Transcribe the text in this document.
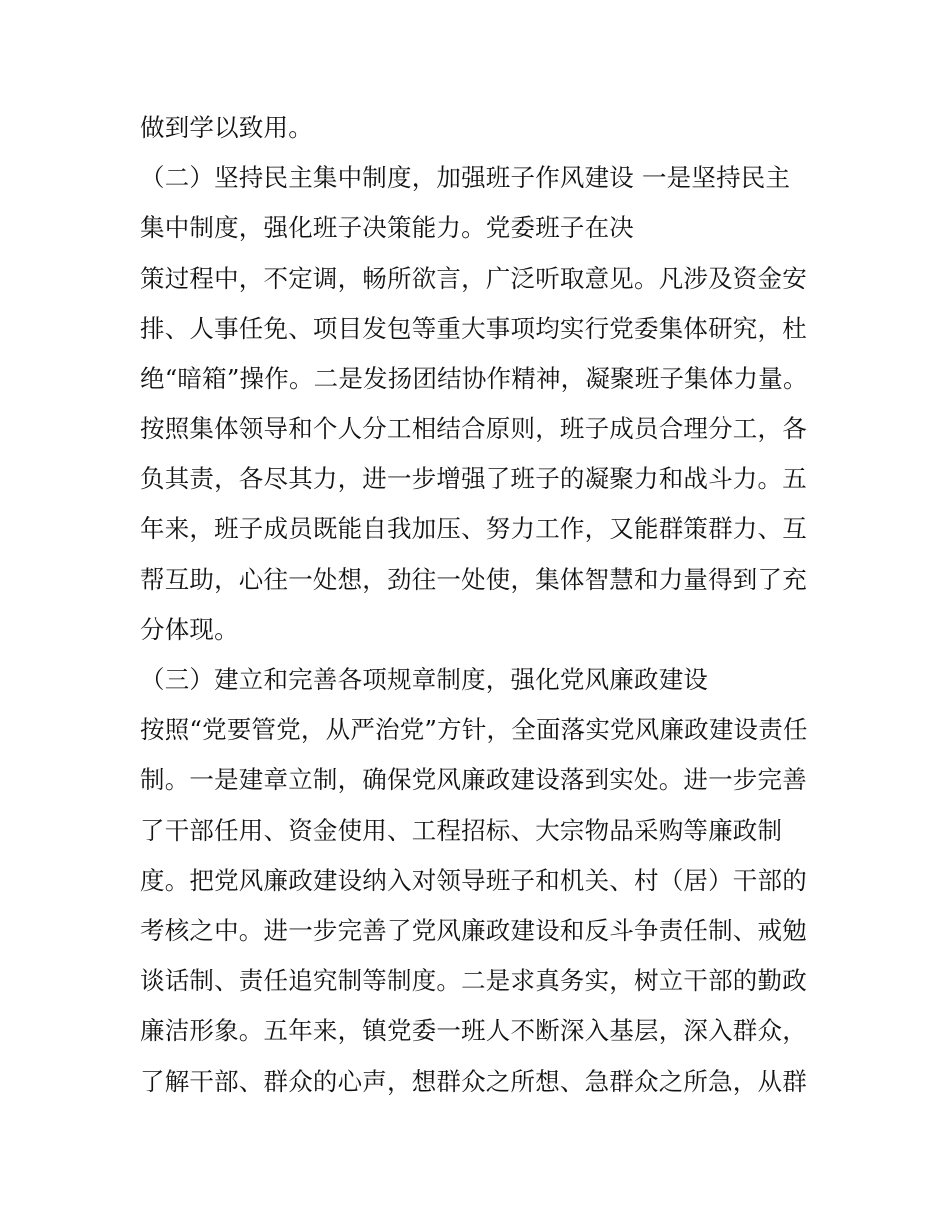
做到学以致用。
（二）坚持民主集中制度，加强班子作风建设 一是坚持民主
集中制度，强化班子决策能力。党委班子在决
策过程中，不定调，畅所欲言，广泛听取意见。凡涉及资金安
排、人事任免、项目发包等重大事项均实行党委集体研究，杜
绝“暗箱”操作。二是发扬团结协作精神，凝聚班子集体力量。
按照集体领导和个人分工相结合原则，班子成员合理分工，各
负其责，各尽其力，进一步增强了班子的凝聚力和战斗力。五
年来，班子成员既能自我加压、努力工作，又能群策群力、互
帮互助，心往一处想，劲往一处使，集体智慧和力量得到了充
分体现。
（三）建立和完善各项规章制度，强化党风廉政建设
按照“党要管党，从严治党”方针，全面落实党风廉政建设责任
制。一是建章立制，确保党风廉政建设落到实处。进一步完善
了干部任用、资金使用、工程招标、大宗物品采购等廉政制
度。把党风廉政建设纳入对领导班子和机关、村（居）干部的
考核之中。进一步完善了党风廉政建设和反斗争责任制、戒勉
谈话制、责任追究制等制度。二是求真务实，树立干部的勤政
廉洁形象。五年来，镇党委一班人不断深入基层，深入群众，
了解干部、群众的心声，想群众之所想、急群众之所急，从群
